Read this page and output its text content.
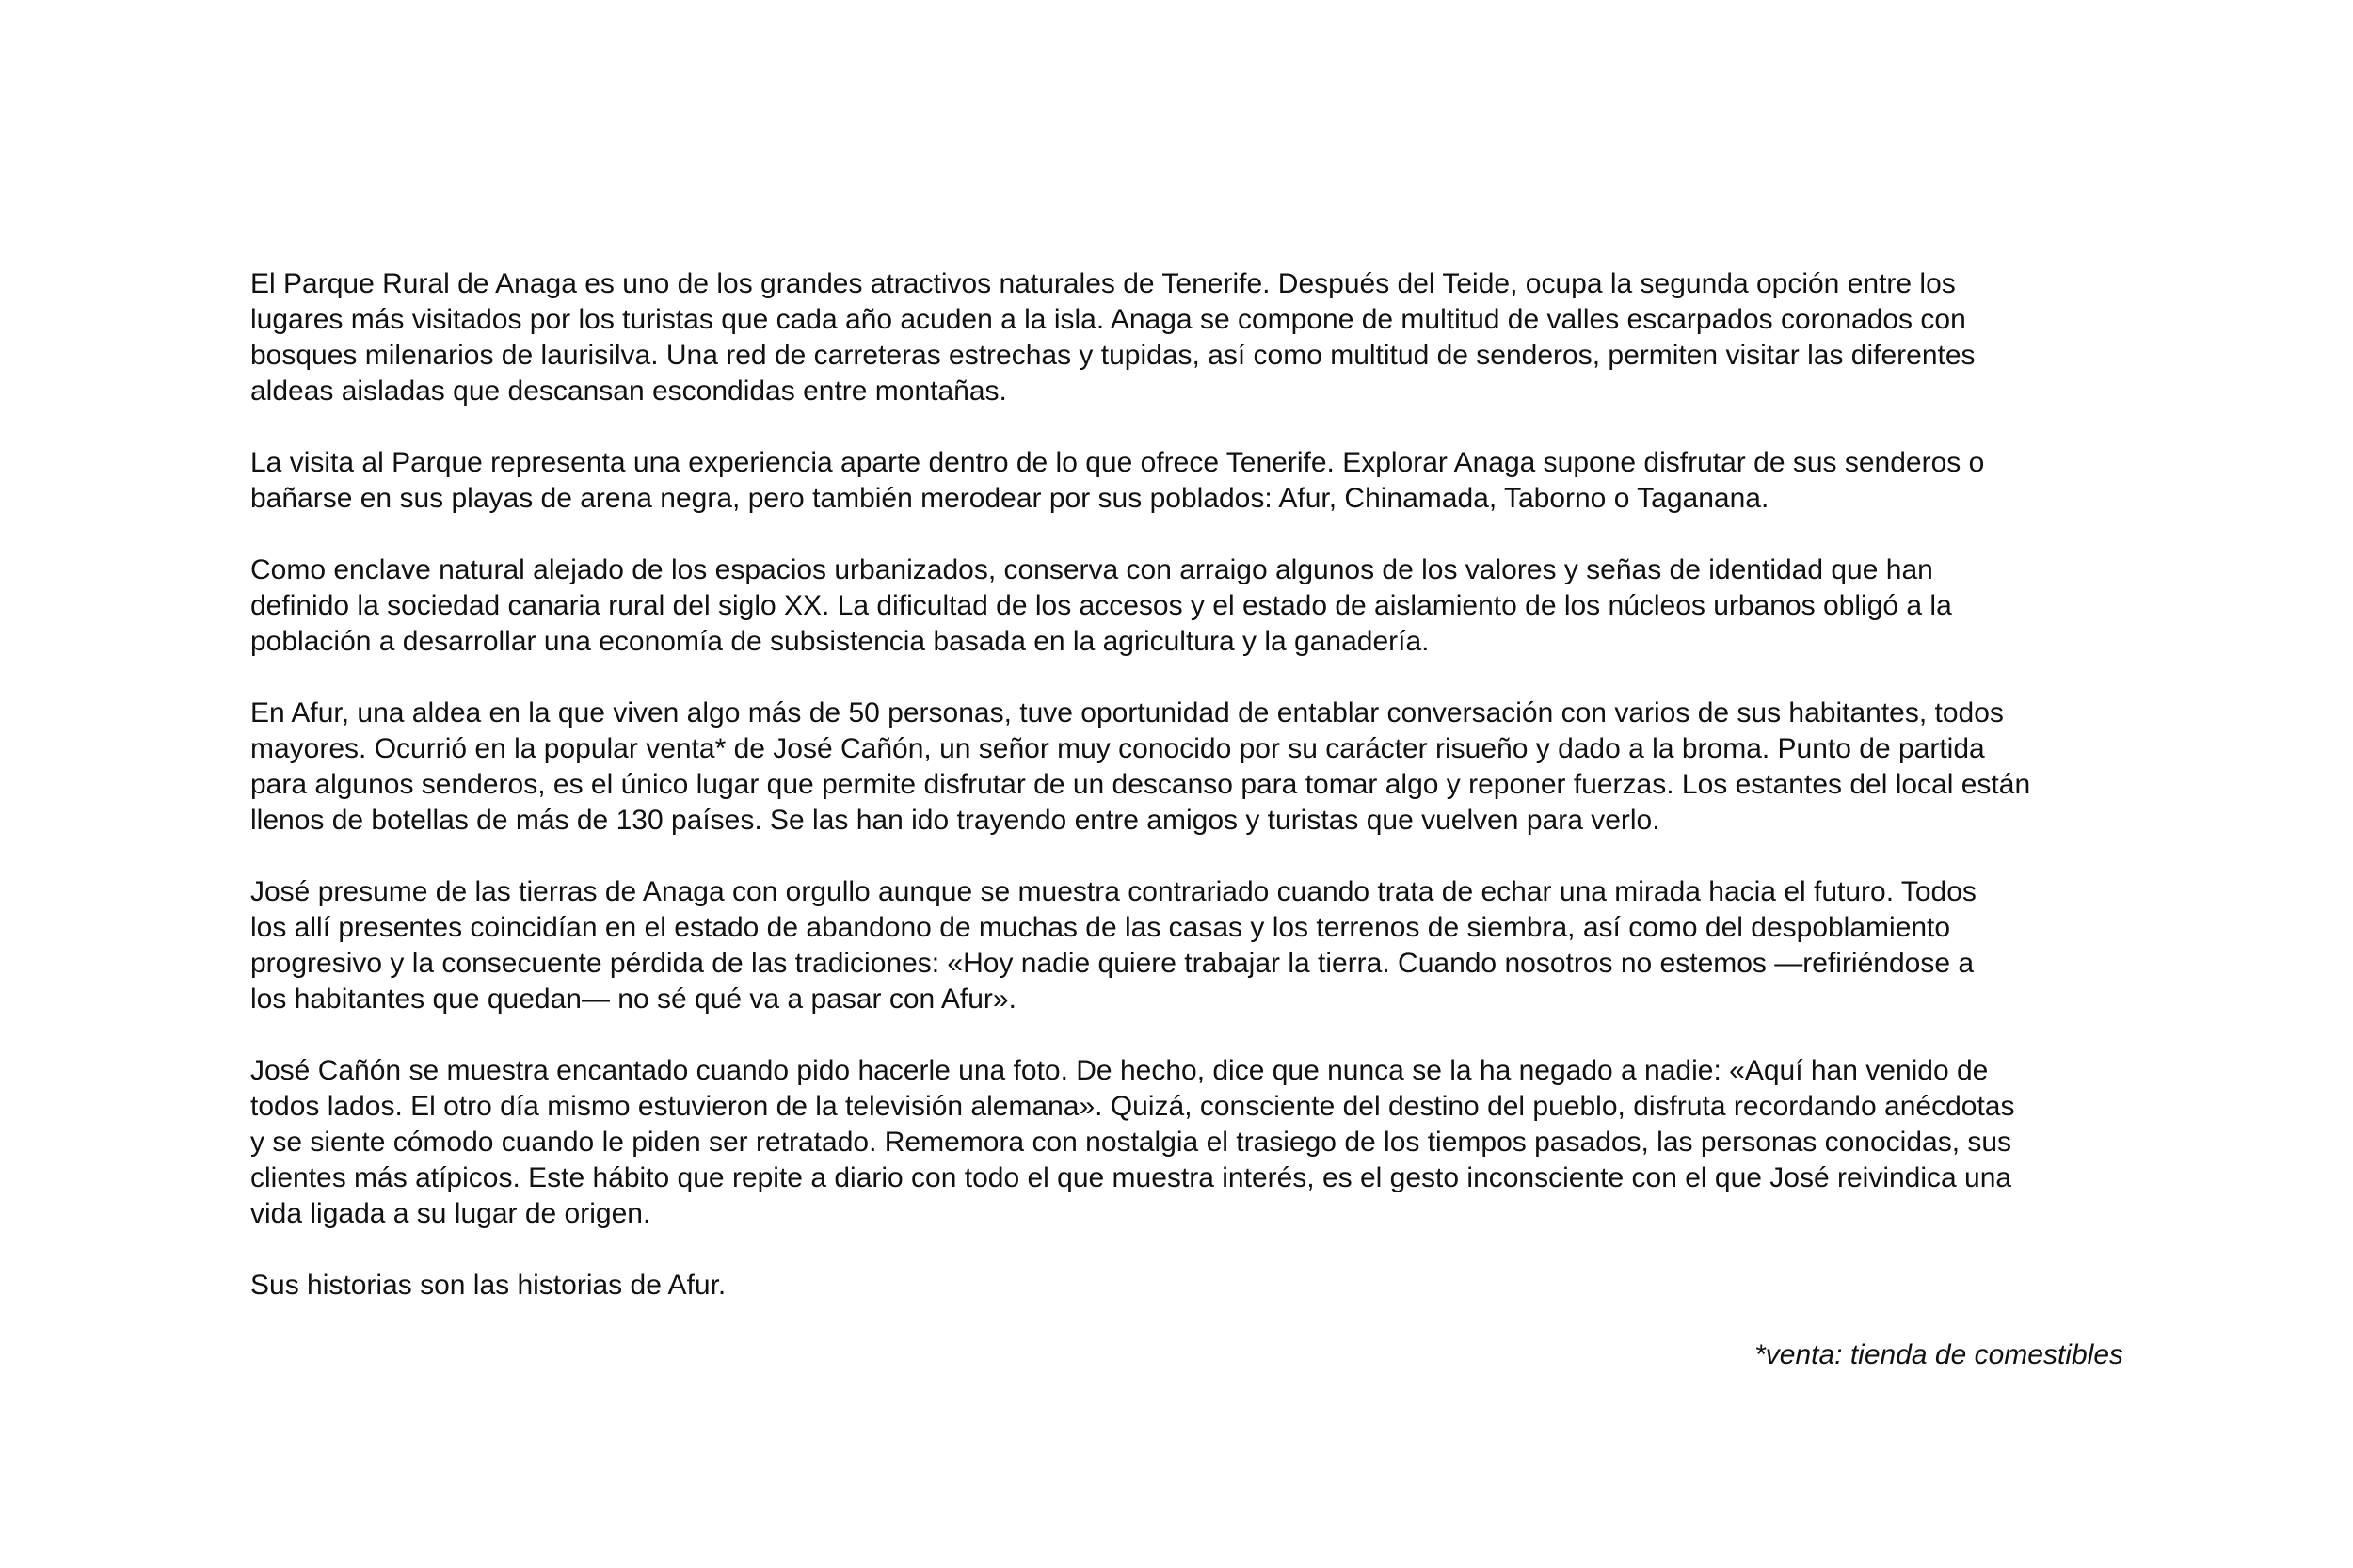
El Parque Rural de Anaga es uno de los grandes atractivos naturales de Tenerife. Después del Teide, ocupa la segunda opción entre los
lugares más visitados por los turistas que cada año acuden a la isla. Anaga se compone de multitud de valles escarpados coronados con
bosques milenarios de laurisilva. Una red de carreteras estrechas y tupidas, así como multitud de senderos, permiten visitar las diferentes
aldeas aisladas que descansan escondidas entre montañas.

La visita al Parque representa una experiencia aparte dentro de lo que ofrece Tenerife. Explorar Anaga supone disfrutar de sus senderos o
bañarse en sus playas de arena negra, pero también merodear por sus poblados: Afur, Chinamada, Taborno o Taganana.

Como enclave natural alejado de los espacios urbanizados, conserva con arraigo algunos de los valores y señas de identidad que han
definido la sociedad canaria rural del siglo XX. La dificultad de los accesos y el estado de aislamiento de los núcleos urbanos obligó a la
población a desarrollar una economía de subsistencia basada en la agricultura y la ganadería.

En Afur, una aldea en la que viven algo más de 50 personas, tuve oportunidad de entablar conversación con varios de sus habitantes, todos
mayores. Ocurrió en la popular venta* de José Cañón, un señor muy conocido por su carácter risueño y dado a la broma. Punto de partida
para algunos senderos, es el único lugar que permite disfrutar de un descanso para tomar algo y reponer fuerzas. Los estantes del local están
llenos de botellas de más de 130 países. Se las han ido trayendo entre amigos y turistas que vuelven para verlo.

José presume de las tierras de Anaga con orgullo aunque se muestra contrariado cuando trata de echar una mirada hacia el futuro. Todos
los allí presentes coincidían en el estado de abandono de muchas de las casas y los terrenos de siembra, así como del despoblamiento
progresivo y la consecuente pérdida de las tradiciones: «Hoy nadie quiere trabajar la tierra. Cuando nosotros no estemos —refiriéndose a
los habitantes que quedan— no sé qué va a pasar con Afur».

José Cañón se muestra encantado cuando pido hacerle una foto. De hecho, dice que nunca se la ha negado a nadie: «Aquí han venido de
todos lados. El otro día mismo estuvieron de la televisión alemana». Quizá, consciente del destino del pueblo, disfruta recordando anécdotas
y se siente cómodo cuando le piden ser retratado. Rememora con nostalgia el trasiego de los tiempos pasados, las personas conocidas, sus
clientes más atípicos. Este hábito que repite a diario con todo el que muestra interés, es el gesto inconsciente con el que José reivindica una
vida ligada a su lugar de origen.

Sus historias son las historias de Afur.

*venta: tienda de comestibles
